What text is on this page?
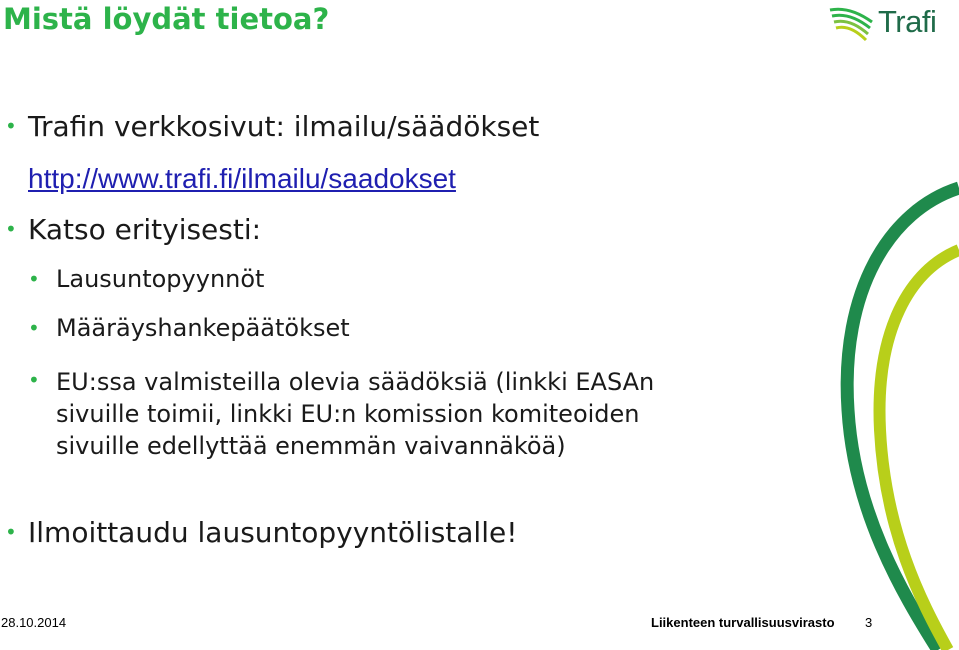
Mistä löydät tietoa?	Trafi
• Trafin verkkosivut: ilmailu/säädökset
http://www.trafi.fi/ilmailu/saadokset
• Katso erityisesti:
• Lausuntopyynnöt
• Määräyshankepäätökset
• EU:ssa valmisteilla olevia säädöksiä (linkki EASAn
sivuille toimii, linkki EU:n komission komiteoiden
sivuille edellyttää enemmän vaivannäköä)
• Ilmoittaudu lausuntopyyntölistalle!
28.10.2014	Liikenteen turvallisuusvirasto 3
